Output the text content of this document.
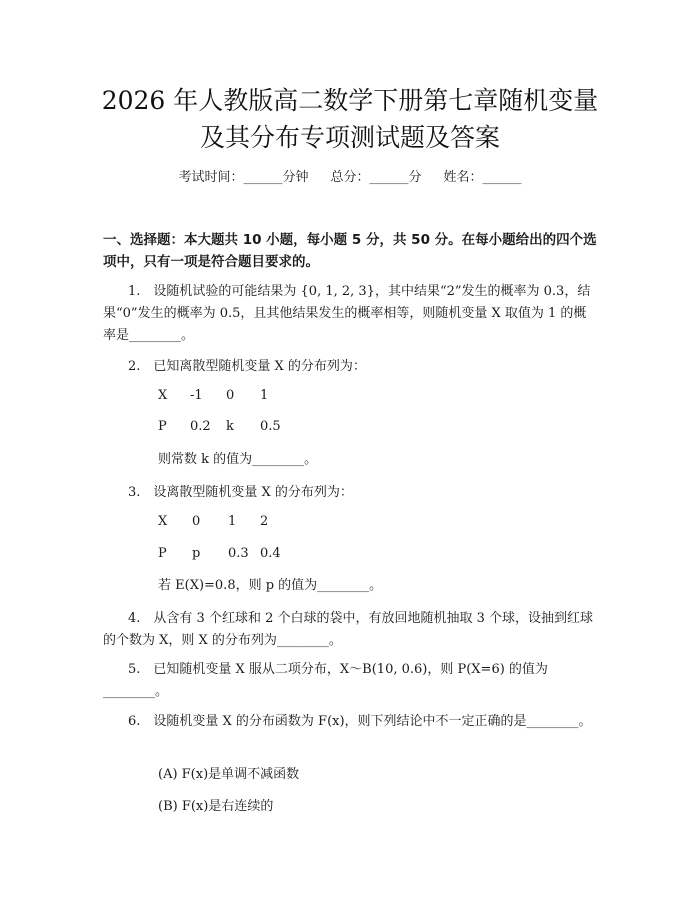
2026 年人教版高二数学下册第七章随机变量
及其分布专项测试题及答案
考试时间：______分钟 总分：______分 姓名：______
一、选择题：本大题共 10 小题，每小题 5 分，共 50 分。在每小题给出的四个选
项中，只有一项是符合题目要求的。
1.　设随机试验的可能结果为 {0, 1, 2, 3}，其中结果“2”发生的概率为 0.3，结果“0”发生的概率为 0.5，且其他结果发生的概率相等，则随机变量 X 取值为 1 的概率是________。
2.　已知离散型随机变量 X 的分布列为：
X -1 0 1
P 0.2 k 0.5
则常数 k 的值为________。
3.　设离散型随机变量 X 的分布列为：
X 0 1 2
P p 0.3 0.4
若 E(X)=0.8，则 p 的值为________。
4.　从含有 3 个红球和 2 个白球的袋中，有放回地随机抽取 3 个球，设抽到红球的个数为 X，则 X 的分布列为________。
5.　已知随机变量 X 服从二项分布，X～B(10, 0.6)，则 P(X=6) 的值为________。
6.　设随机变量 X 的分布函数为 F(x)，则下列结论中不一定正确的是________。
(A) F(x)是单调不减函数
(B) F(x)是右连续的
